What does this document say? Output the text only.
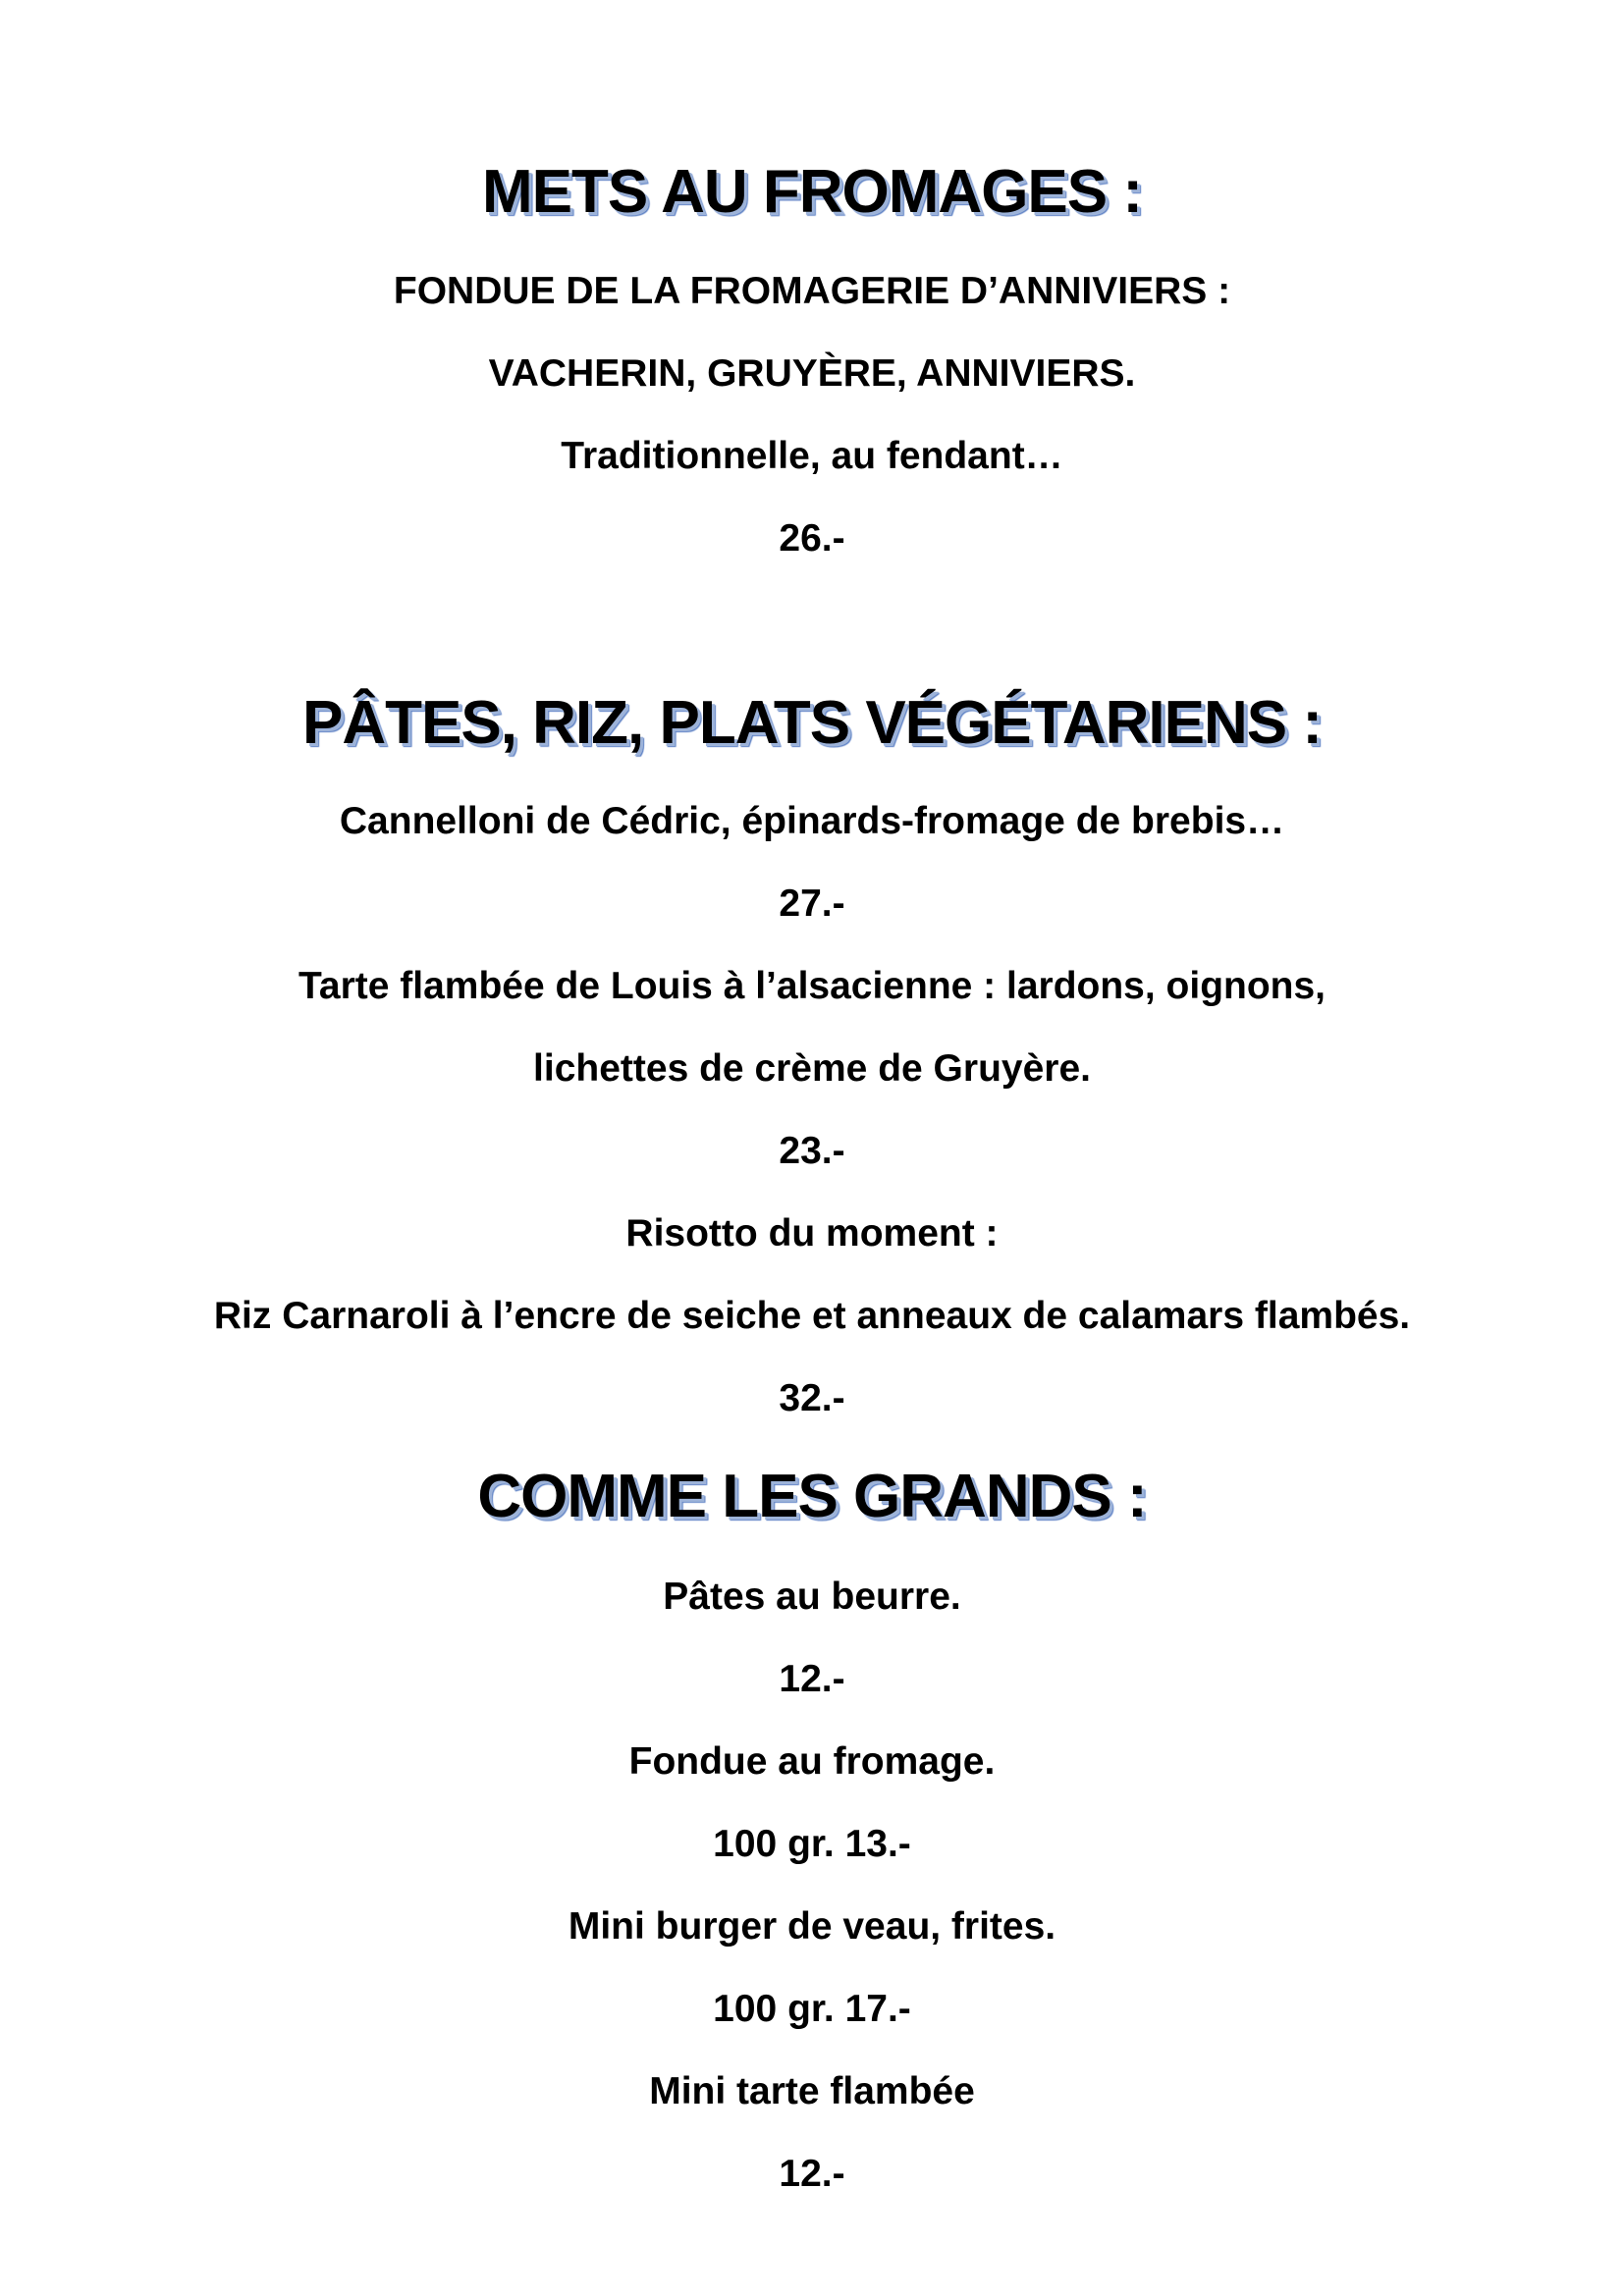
METS AU FROMAGES :
FONDUE DE LA FROMAGERIE D’ANNIVIERS :
VACHERIN, GRUYÈRE, ANNIVIERS.
Traditionnelle, au fendant…
26.-
PÂTES, RIZ, PLATS VÉGÉTARIENS :
Cannelloni de Cédric, épinards-fromage de brebis…
27.-
Tarte flambée de Louis à l’alsacienne : lardons, oignons,
lichettes de crème de Gruyère.
23.-
Risotto du moment :
Riz Carnaroli à l’encre de seiche et anneaux de calamars flambés.
32.-
COMME LES GRANDS :
Pâtes au beurre.
12.-
Fondue au fromage.
100 gr. 13.-
Mini burger de veau, frites.
100 gr. 17.-
Mini tarte flambée
12.-
